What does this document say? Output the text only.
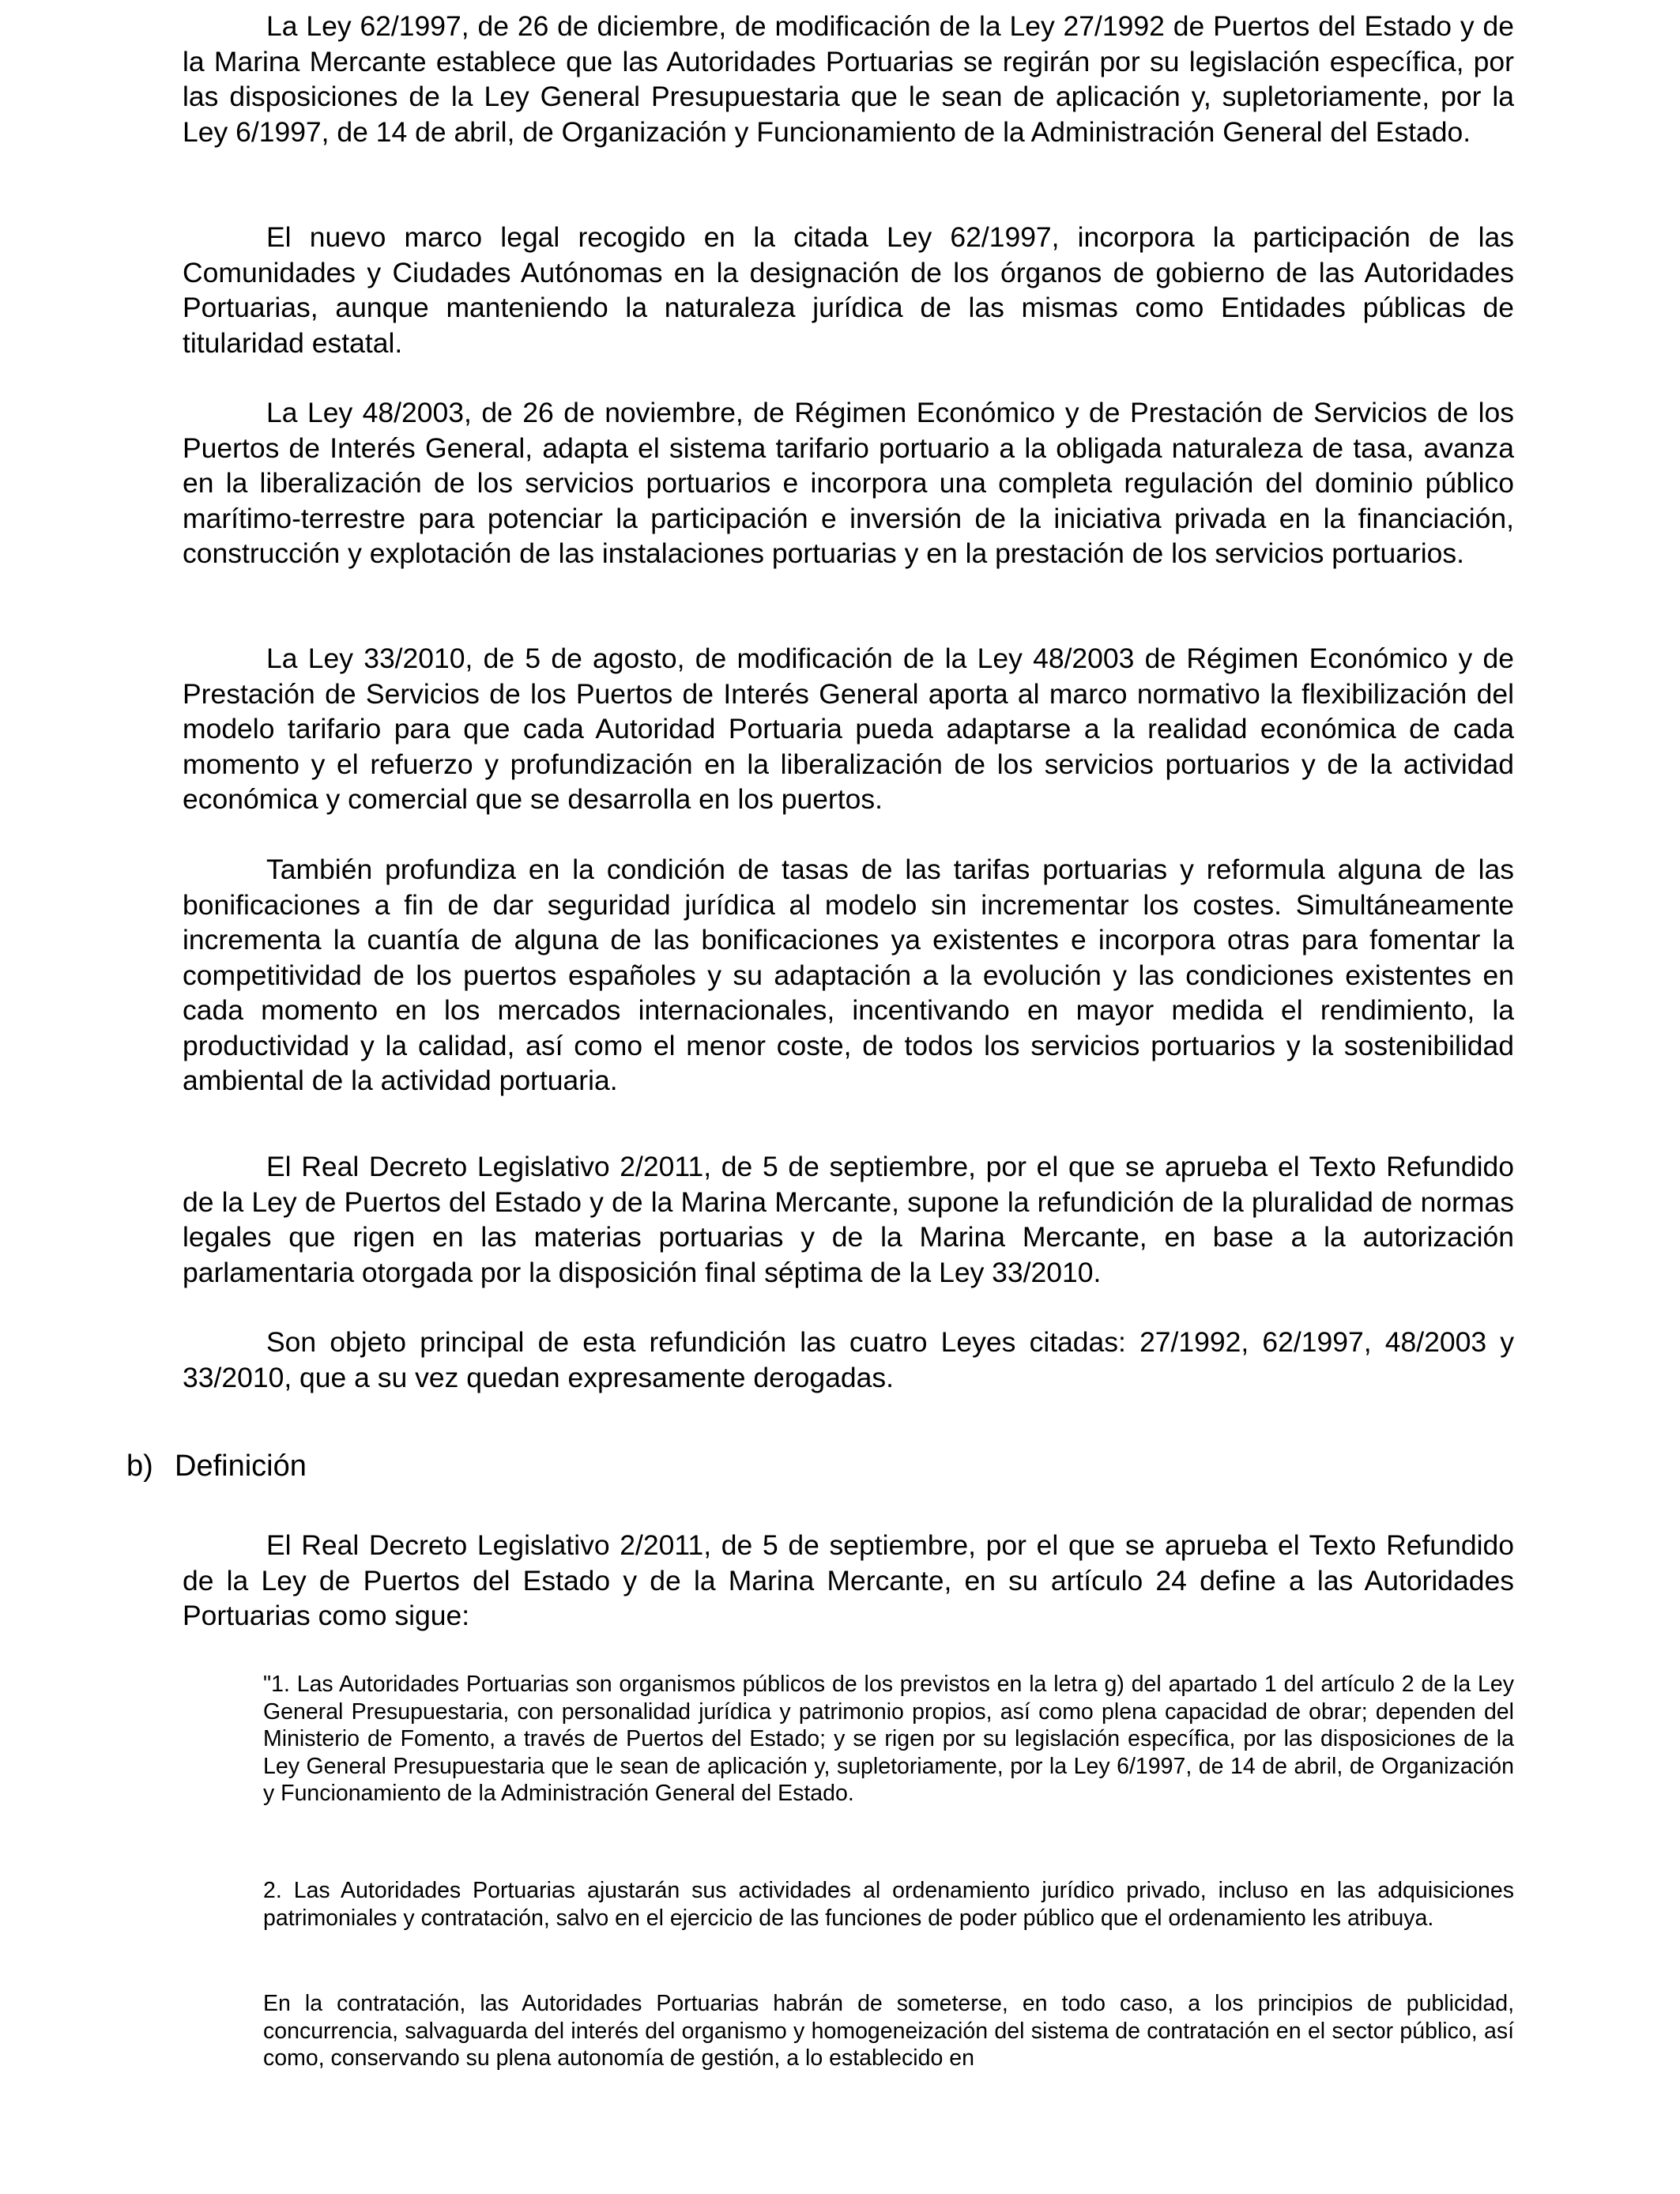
La Ley 62/1997, de 26 de diciembre, de modificación de la Ley 27/1992 de Puertos del Estado y de la Marina Mercante establece que las Autoridades Portuarias se regirán por su legislación específica, por las disposiciones de la Ley General Presupuestaria que le sean de aplicación y, supletoriamente, por la Ley 6/1997, de 14 de abril, de Organización y Funcionamiento de la Administración General del Estado.

El nuevo marco legal recogido en la citada Ley 62/1997, incorpora la participación de las Comunidades y Ciudades Autónomas en la designación de los órganos de gobierno de las Autoridades Portuarias, aunque manteniendo la naturaleza jurídica de las mismas como Entidades públicas de titularidad estatal.

La Ley 48/2003, de 26 de noviembre, de Régimen Económico y de Prestación de Servicios de los Puertos de Interés General, adapta el sistema tarifario portuario a la obligada naturaleza de tasa, avanza en la liberalización de los servicios portuarios e incorpora una completa regulación del dominio público marítimo-terrestre para potenciar la participación e inversión de la iniciativa privada en la financiación, construcción y explotación de las instalaciones portuarias y en la prestación de los servicios portuarios.

La Ley 33/2010, de 5 de agosto, de modificación de la Ley 48/2003 de Régimen Económico y de Prestación de Servicios de los Puertos de Interés General aporta al marco normativo la flexibilización del modelo tarifario para que cada Autoridad Portuaria pueda adaptarse a la realidad económica de cada momento y el refuerzo y profundización en la liberalización de los servicios portuarios y de la actividad económica y comercial que se desarrolla en los puertos.

También profundiza en la condición de tasas de las tarifas portuarias y reformula alguna de las bonificaciones a fin de dar seguridad jurídica al modelo sin incrementar los costes. Simultáneamente incrementa la cuantía de alguna de las bonificaciones ya existentes e incorpora otras para fomentar la competitividad de los puertos españoles y su adaptación a la evolución y las condiciones existentes en cada momento en los mercados internacionales, incentivando en mayor medida el rendimiento, la productividad y la calidad, así como el menor coste, de todos los servicios portuarios y la sostenibilidad ambiental de la actividad portuaria.

El Real Decreto Legislativo 2/2011, de 5 de septiembre, por el que se aprueba el Texto Refundido de la Ley de Puertos del Estado y de la Marina Mercante, supone la refundición de la pluralidad de normas legales que rigen en las materias portuarias y de la Marina Mercante, en base a la autorización parlamentaria otorgada por la disposición final séptima de la Ley 33/2010.

Son objeto principal de esta refundición las cuatro Leyes citadas: 27/1992, 62/1997, 48/2003 y 33/2010, que a su vez quedan expresamente derogadas.

b) Definición

El Real Decreto Legislativo 2/2011, de 5 de septiembre, por el que se aprueba el Texto Refundido de la Ley de Puertos del Estado y de la Marina Mercante, en su artículo 24 define a las Autoridades Portuarias como sigue:

"1. Las Autoridades Portuarias son organismos públicos de los previstos en la letra g) del apartado 1 del artículo 2 de la Ley General Presupuestaria, con personalidad jurídica y patrimonio propios, así como plena capacidad de obrar; dependen del Ministerio de Fomento, a través de Puertos del Estado; y se rigen por su legislación específica, por las disposiciones de la Ley General Presupuestaria que le sean de aplicación y, supletoriamente, por la Ley 6/1997, de 14 de abril, de Organización y Funcionamiento de la Administración General del Estado.

2. Las Autoridades Portuarias ajustarán sus actividades al ordenamiento jurídico privado, incluso en las adquisiciones patrimoniales y contratación, salvo en el ejercicio de las funciones de poder público que el ordenamiento les atribuya.

En la contratación, las Autoridades Portuarias habrán de someterse, en todo caso, a los principios de publicidad, concurrencia, salvaguarda del interés del organismo y homogeneización del sistema de contratación en el sector público, así como, conservando su plena autonomía de gestión, a lo establecido en
